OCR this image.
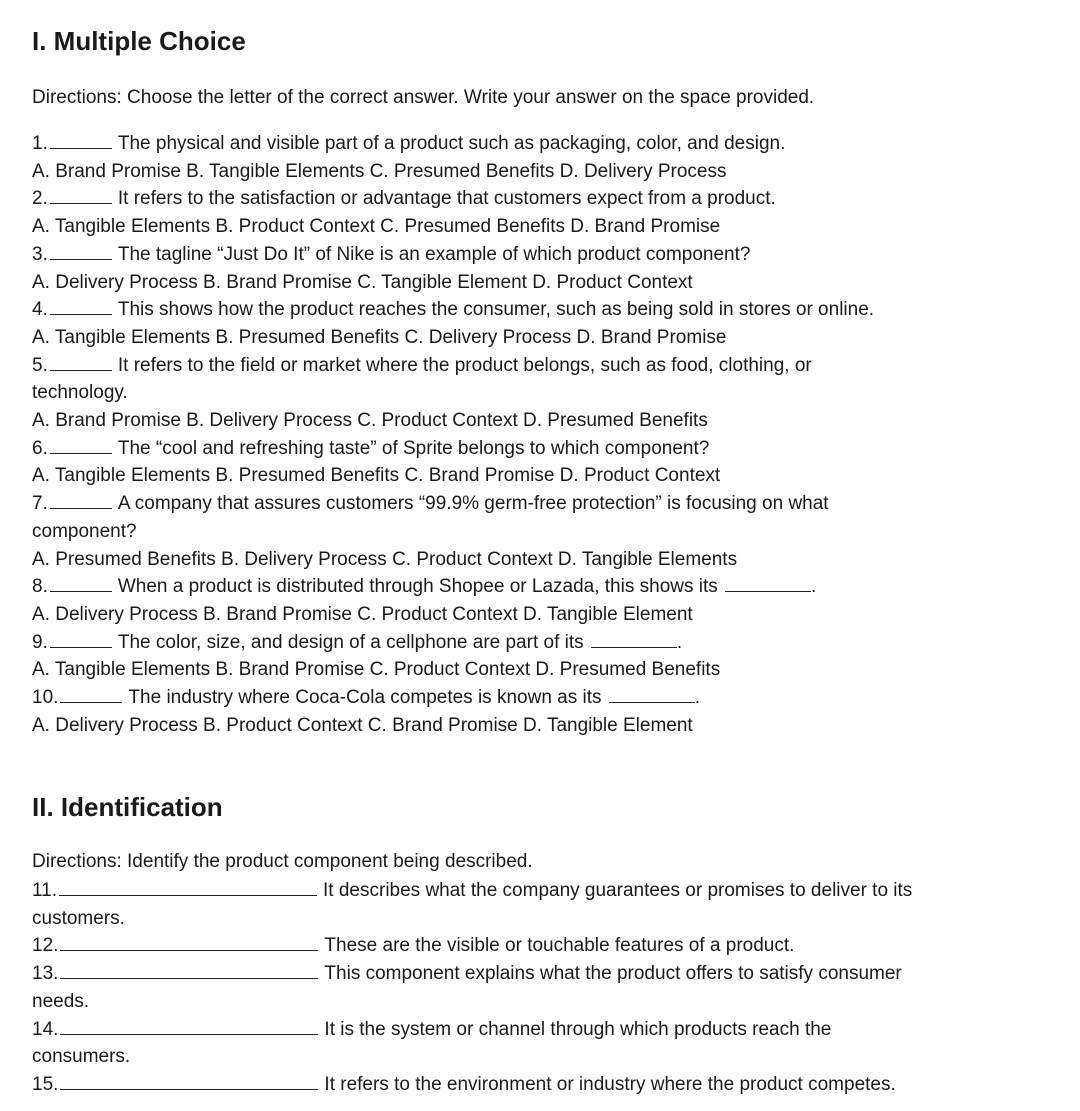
I. Multiple Choice

Directions: Choose the letter of the correct answer. Write your answer on the space provided.

1.	The physical and visible part of a product such as packaging, color, and design.
A. Brand Promise B. Tangible Elements C. Presumed Benefits D. Delivery Process
2.	It refers to the satisfaction or advantage that customers expect from a product.
A. Tangible Elements B. Product Context C. Presumed Benefits D. Brand Promise
3.	The tagline “Just Do It” of Nike is an example of which product component?
A. Delivery Process B. Brand Promise C. Tangible Element D. Product Context
4.	This shows how the product reaches the consumer, such as being sold in stores or online.
A. Tangible Elements B. Presumed Benefits C. Delivery Process D. Brand Promise
5.	It refers to the field or market where the product belongs, such as food, clothing, or
technology.
A. Brand Promise B. Delivery Process C. Product Context D. Presumed Benefits
6.	The “cool and refreshing taste” of Sprite belongs to which component?
A. Tangible Elements B. Presumed Benefits C. Brand Promise D. Product Context
7.	A company that assures customers “99.9% germ-free protection” is focusing on what
component?
A. Presumed Benefits B. Delivery Process C. Product Context D. Tangible Elements
8.	When a product is distributed through Shopee or Lazada, this shows its	.
A. Delivery Process B. Brand Promise C. Product Context D. Tangible Element
9.	The color, size, and design of a cellphone are part of its	.
A. Tangible Elements B. Brand Promise C. Product Context D. Presumed Benefits
10.	The industry where Coca-Cola competes is known as its	.
A. Delivery Process B. Product Context C. Brand Promise D. Tangible Element
II. Identification

Directions: Identify the product component being described.

11.	It describes what the company guarantees or promises to deliver to its
customers.
12.	These are the visible or touchable features of a product.
13.	This component explains what the product offers to satisfy consumer
needs.
14.	It is the system or channel through which products reach the
consumers.
15.	It refers to the environment or industry where the product competes.
